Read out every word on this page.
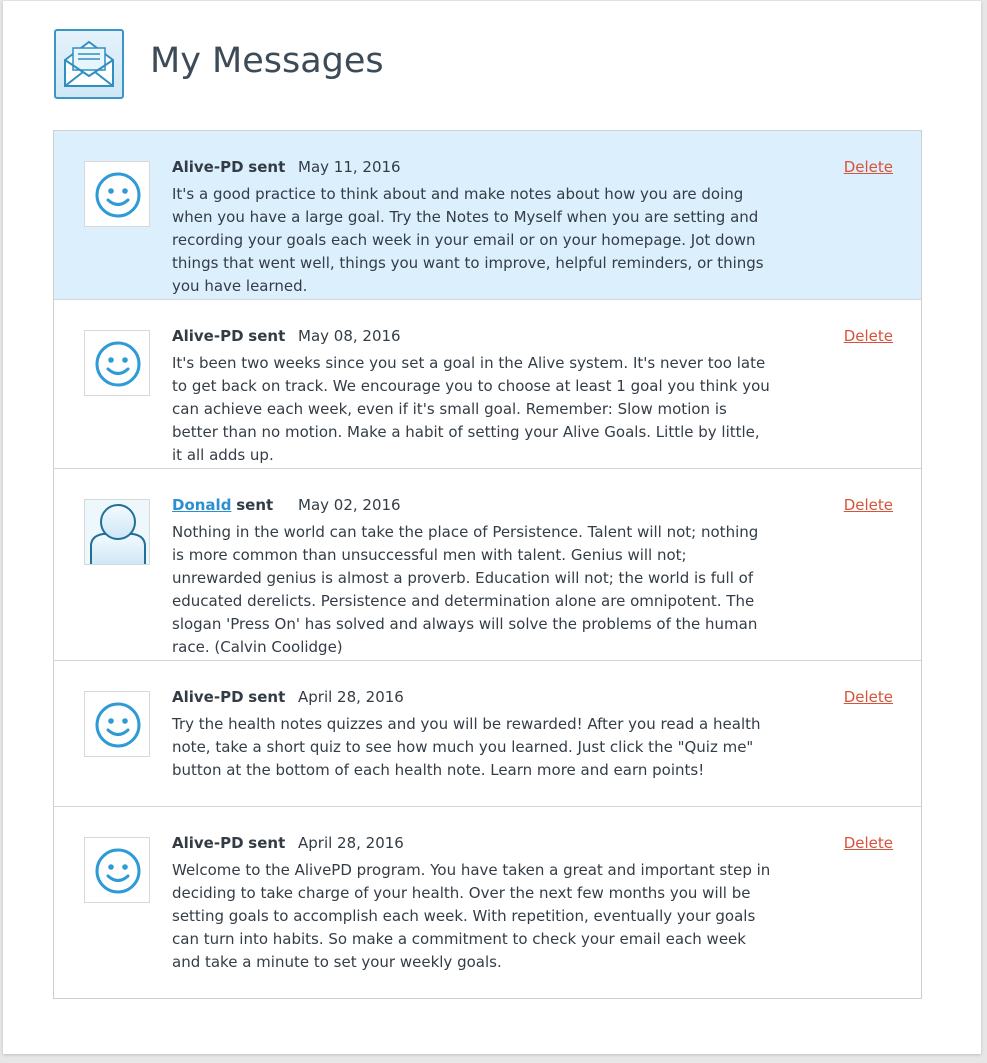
My Messages
Alive-PD sent May 11, 2016
It's a good practice to think about and make notes about how you are doing when you have a large goal. Try the Notes to Myself when you are setting and recording your goals each week in your email or on your homepage. Jot down things that went well, things you want to improve, helpful reminders, or things you have learned.
Delete
Alive-PD sent May 08, 2016
It's been two weeks since you set a goal in the Alive system. It's never too late to get back on track. We encourage you to choose at least 1 goal you think you can achieve each week, even if it's small goal. Remember: Slow motion is better than no motion. Make a habit of setting your Alive Goals. Little by little, it all adds up.
Delete
Donald sent May 02, 2016
Nothing in the world can take the place of Persistence. Talent will not; nothing is more common than unsuccessful men with talent. Genius will not; unrewarded genius is almost a proverb. Education will not; the world is full of educated derelicts. Persistence and determination alone are omnipotent. The slogan 'Press On' has solved and always will solve the problems of the human race. (Calvin Coolidge)
Delete
Alive-PD sent April 28, 2016
Try the health notes quizzes and you will be rewarded! After you read a health note, take a short quiz to see how much you learned. Just click the "Quiz me" button at the bottom of each health note. Learn more and earn points!
Delete
Alive-PD sent April 28, 2016
Welcome to the AlivePD program. You have taken a great and important step in deciding to take charge of your health. Over the next few months you will be setting goals to accomplish each week. With repetition, eventually your goals can turn into habits. So make a commitment to check your email each week and take a minute to set your weekly goals.
Delete
